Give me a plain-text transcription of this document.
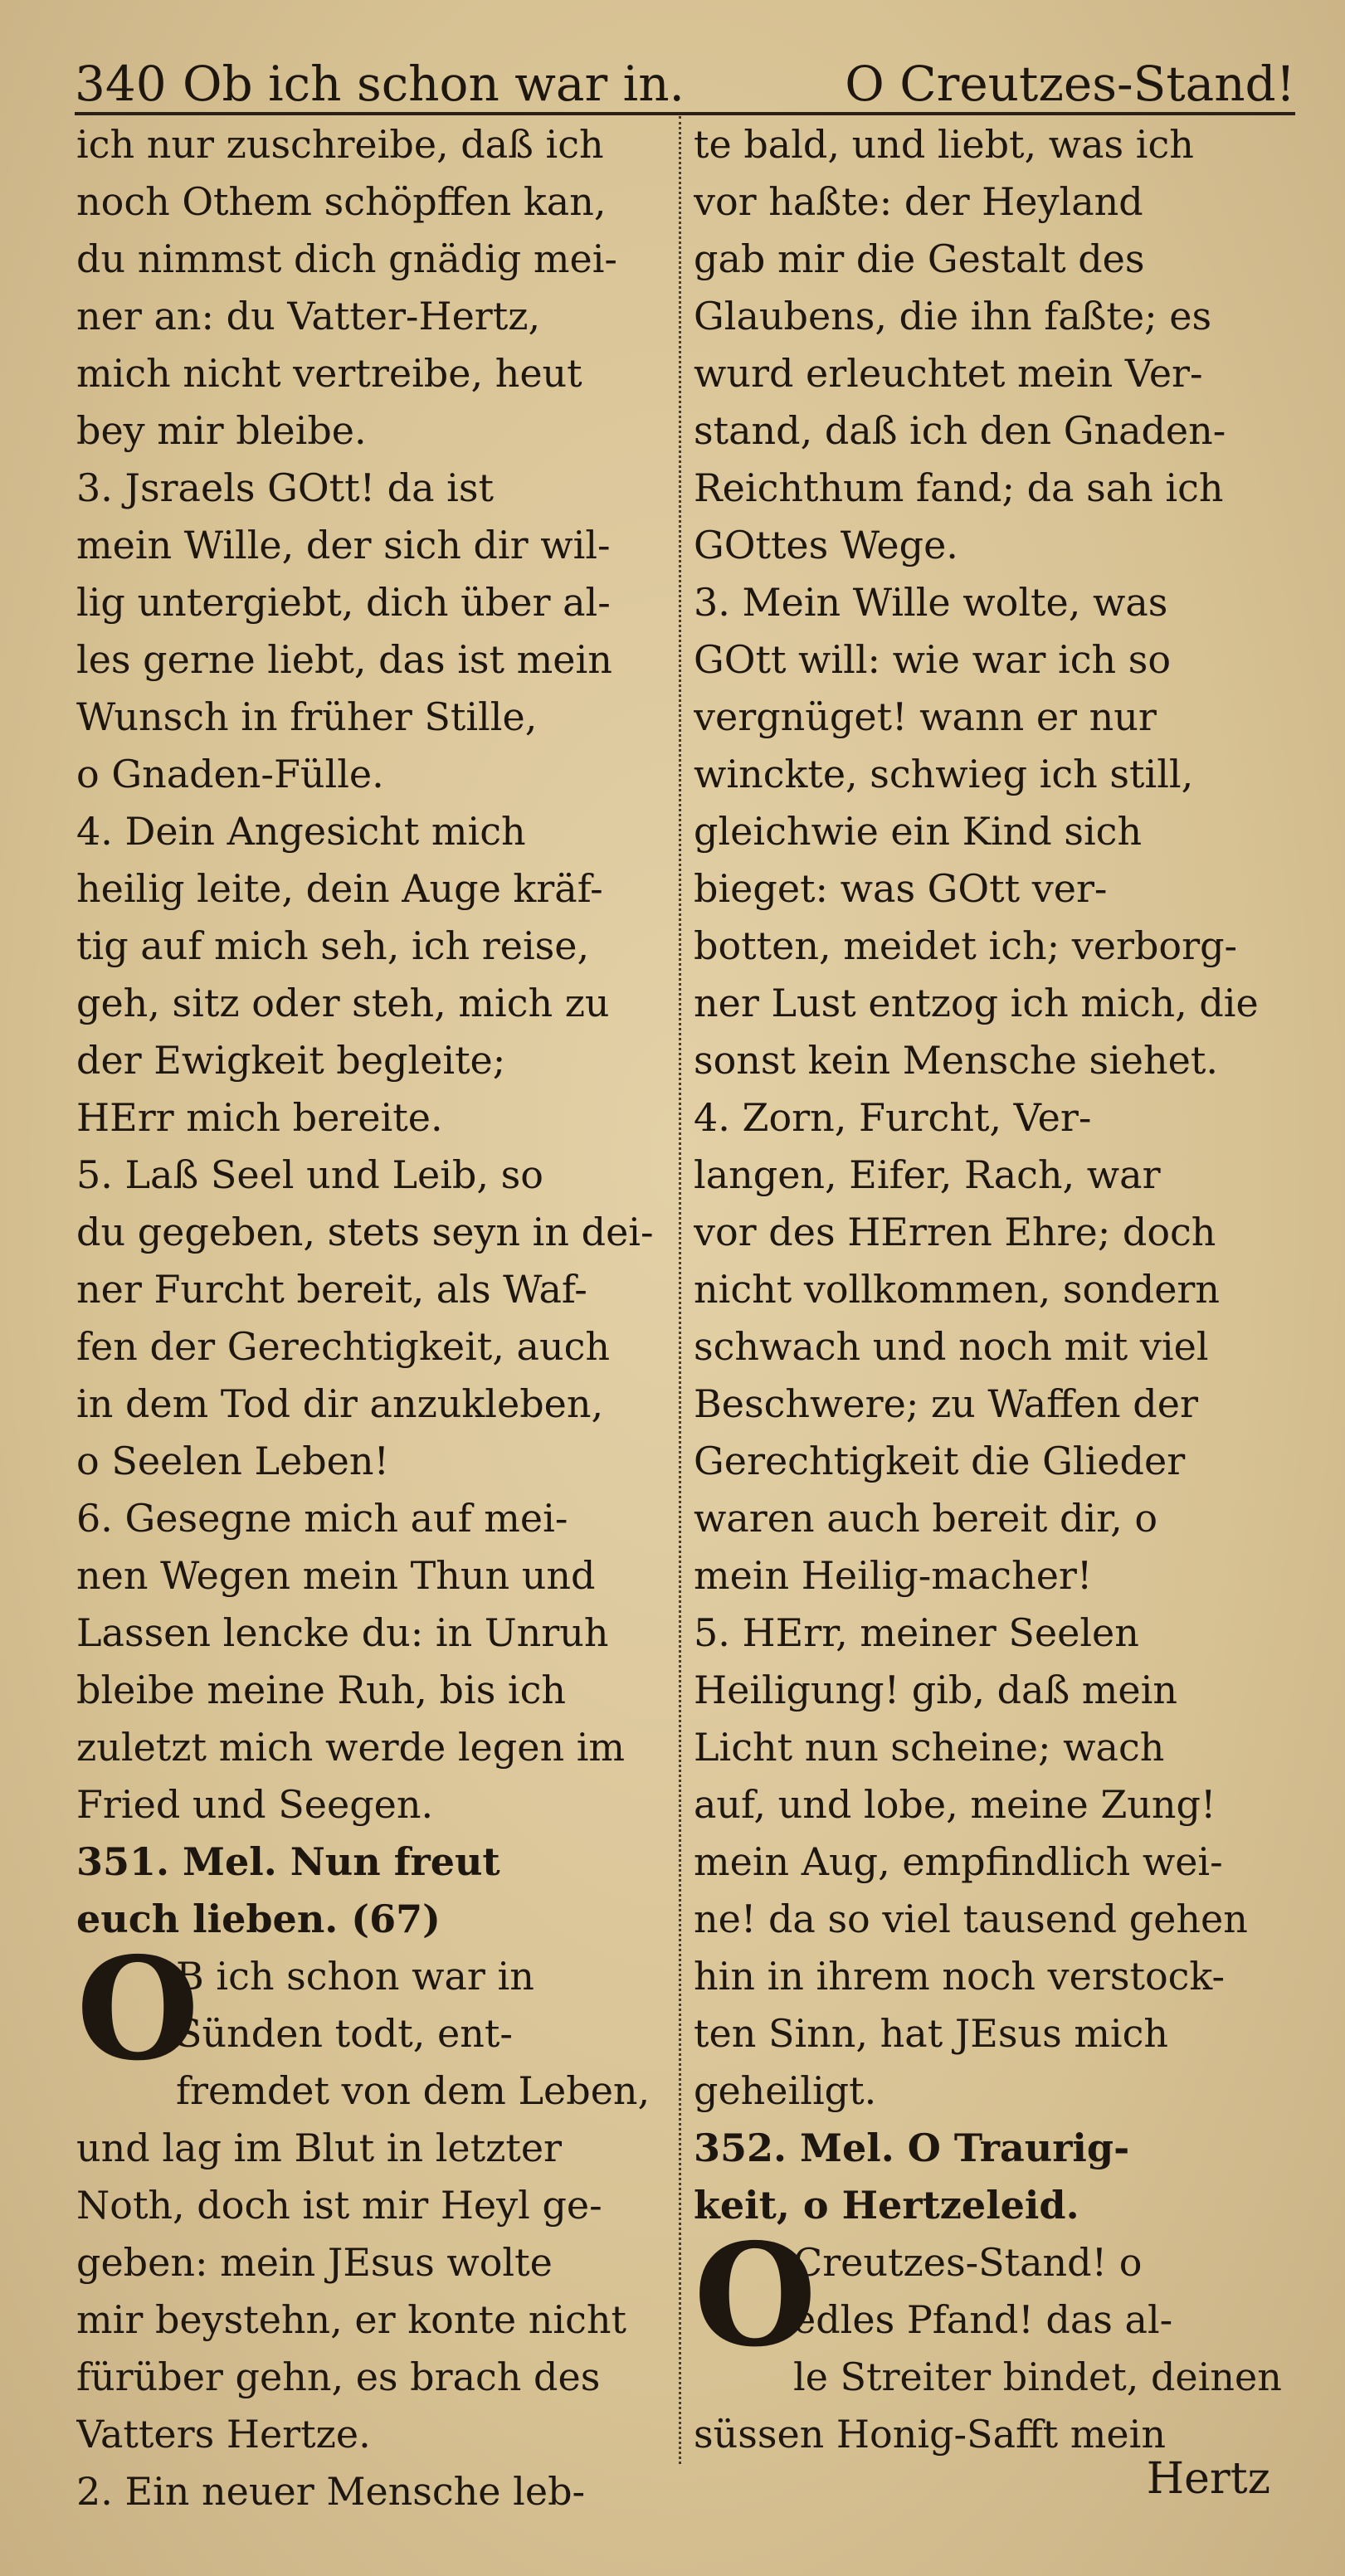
340 Ob ich schon war in.	O Creutzes-Stand!
ich nur zuschreibe, daß ich
noch Othem schöpffen kan,
du nimmst dich gnädig mei-
ner an: du Vatter-Hertz,
mich nicht vertreibe, heut
bey mir bleibe.
3. Jsraels GOtt! da ist
mein Wille, der sich dir wil-
lig untergiebt, dich über al-
les gerne liebt, das ist mein
Wunsch in früher Stille,
o Gnaden-Fülle.
4. Dein Angesicht mich
heilig leite, dein Auge kräf-
tig auf mich seh, ich reise,
geh, sitz oder steh, mich zu
der Ewigkeit begleite;
HErr mich bereite.
5. Laß Seel und Leib, so
du gegeben, stets seyn in dei-
ner Furcht bereit, als Waf-
fen der Gerechtigkeit, auch
in dem Tod dir anzukleben,
o Seelen Leben!
6. Gesegne mich auf mei-
nen Wegen mein Thun und
Lassen lencke du: in Unruh
bleibe meine Ruh, bis ich
zuletzt mich werde legen im
Fried und Seegen.
351. Mel. Nun freut
euch lieben. (67)
O
B ich schon war in
Sünden todt, ent-
fremdet von dem Leben,
und lag im Blut in letzter
Noth, doch ist mir Heyl ge-
geben: mein JEsus wolte
mir beystehn, er konte nicht
fürüber gehn, es brach des
Vatters Hertze.
2. Ein neuer Mensche leb-
te bald, und liebt, was ich
vor haßte: der Heyland
gab mir die Gestalt des
Glaubens, die ihn faßte; es
wurd erleuchtet mein Ver-
stand, daß ich den Gnaden-
Reichthum fand; da sah ich
GOttes Wege.
3. Mein Wille wolte, was
GOtt will: wie war ich so
vergnüget! wann er nur
winckte, schwieg ich still,
gleichwie ein Kind sich
bieget: was GOtt ver-
botten, meidet ich; verborg-
ner Lust entzog ich mich, die
sonst kein Mensche siehet.
4. Zorn, Furcht, Ver-
langen, Eifer, Rach, war
vor des HErren Ehre; doch
nicht vollkommen, sondern
schwach und noch mit viel
Beschwere; zu Waffen der
Gerechtigkeit die Glieder
waren auch bereit dir, o
mein Heilig-macher!
5. HErr, meiner Seelen
Heiligung! gib, daß mein
Licht nun scheine; wach
auf, und lobe, meine Zung!
mein Aug, empfindlich wei-
ne! da so viel tausend gehen
hin in ihrem noch verstock-
ten Sinn, hat JEsus mich
geheiligt.
352. Mel. O Traurig-
keit, o Hertzeleid.
O
Creutzes-Stand! o
edles Pfand! das al-
le Streiter bindet, deinen
süssen Honig-Safft mein
Hertz
